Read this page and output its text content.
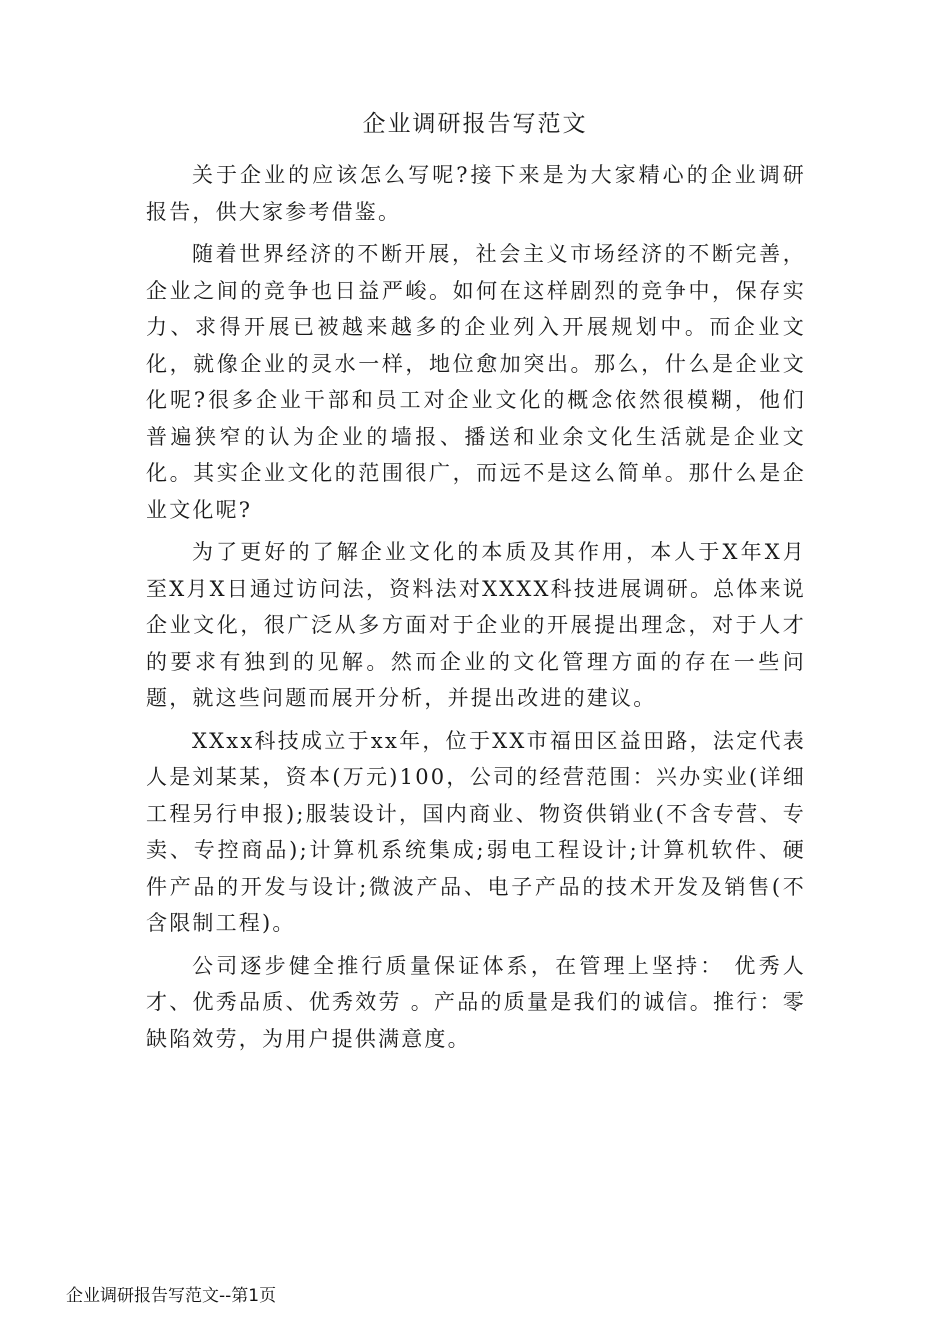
企业调研报告写范文

关于企业的应该怎么写呢?接下来是为大家精心的企业调研报告，供大家参考借鉴。

随着世界经济的不断开展，社会主义市场经济的不断完善，企业之间的竞争也日益严峻。如何在这样剧烈的竞争中，保存实力、求得开展已被越来越多的企业列入开展规划中。而企业文化，就像企业的灵水一样，地位愈加突出。那么，什么是企业文化呢?很多企业干部和员工对企业文化的概念依然很模糊，他们普遍狭窄的认为企业的墙报、播送和业余文化生活就是企业文化。其实企业文化的范围很广，而远不是这么简单。那什么是企业文化呢?

为了更好的了解企业文化的本质及其作用，本人于X年X月至X月X日通过访问法，资料法对XXXX科技进展调研。总体来说企业文化，很广泛从多方面对于企业的开展提出理念，对于人才的要求有独到的见解。然而企业的文化管理方面的存在一些问题，就这些问题而展开分析，并提出改进的建议。

XXxx科技成立于xx年，位于XX市福田区益田路，法定代表人是刘某某，资本(万元)100，公司的经营范围：兴办实业(详细工程另行申报);服装设计，国内商业、物资供销业(不含专营、专卖、专控商品);计算机系统集成;弱电工程设计;计算机软件、硬件产品的开发与设计;微波产品、电子产品的技术开发及销售(不含限制工程)。

公司逐步健全推行质量保证体系，在管理上坚持： 优秀人才、优秀品质、优秀效劳 。产品的质量是我们的诚信。推行：零缺陷效劳，为用户提供满意度。

企业调研报告写范文--第1页
